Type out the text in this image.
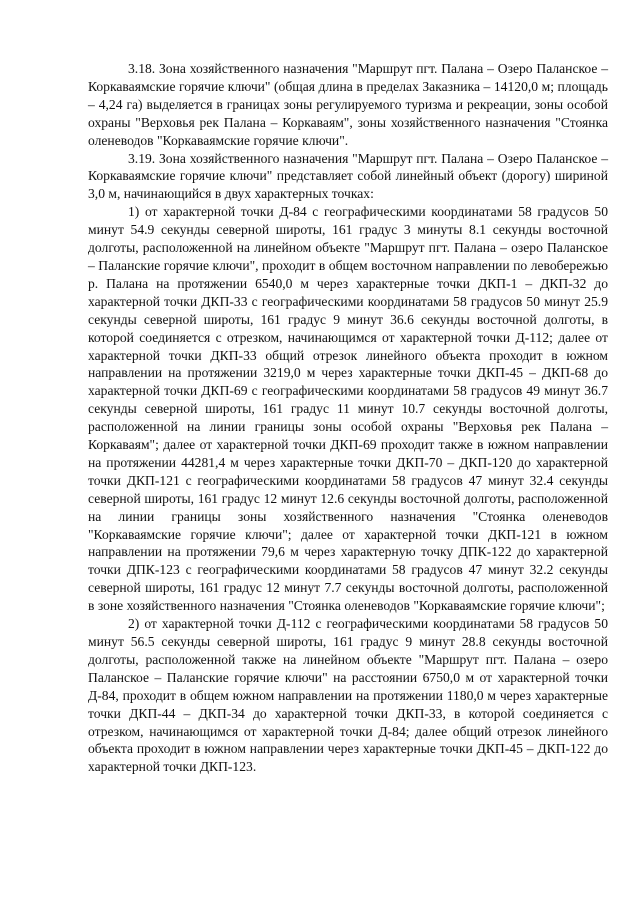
3.18. Зона хозяйственного назначения "Маршрут пгт. Палана – Озеро Паланское – Коркаваямские горячие ключи" (общая длина в пределах Заказника – 14120,0 м; площадь – 4,24 га) выделяется в границах зоны регулируемого туризма и рекреации, зоны особой охраны "Верховья рек Палана – Коркаваям", зоны хозяйственного назначения "Стоянка оленеводов "Коркаваямские горячие ключи".

3.19. Зона хозяйственного назначения "Маршрут пгт. Палана – Озеро Паланское – Коркаваямские горячие ключи" представляет собой линейный объект (дорогу) шириной 3,0 м, начинающийся в двух характерных точках:

1) от характерной точки Д-84 с географическими координатами 58 градусов 50 минут 54.9 секунды северной широты, 161 градус 3 минуты 8.1 секунды восточной долготы, расположенной на линейном объекте "Маршрут пгт. Палана – озеро Паланское – Паланские горячие ключи", проходит в общем восточном направлении по левобережью р. Палана на протяжении 6540,0 м через характерные точки ДКП-1 – ДКП-32 до характерной точки ДКП-33 с географическими координатами 58 градусов 50 минут 25.9 секунды северной широты, 161 градус 9 минут 36.6 секунды восточной долготы, в которой соединяется с отрезком, начинающимся от характерной точки Д-112; далее от характерной точки ДКП-33 общий отрезок линейного объекта проходит в южном направлении на протяжении 3219,0 м через характерные точки ДКП-45 – ДКП-68 до характерной точки ДКП-69 с географическими координатами 58 градусов 49 минут 36.7 секунды северной широты, 161 градус 11 минут 10.7 секунды восточной долготы, расположенной на линии границы зоны особой охраны "Верховья рек Палана – Коркаваям"; далее от характерной точки ДКП-69 проходит также в южном направлении на протяжении 44281,4 м через характерные точки ДКП-70 – ДКП-120 до характерной точки ДКП-121 с географическими координатами 58 градусов 47 минут 32.4 секунды северной широты, 161 градус 12 минут 12.6 секунды восточной долготы, расположенной на линии границы зоны хозяйственного назначения "Стоянка оленеводов "Коркаваямские горячие ключи"; далее от характерной точки ДКП-121 в южном направлении на протяжении 79,6 м через характерную точку ДПК-122 до характерной точки ДПК-123 с географическими координатами 58 градусов 47 минут 32.2 секунды северной широты, 161 градус 12 минут 7.7 секунды восточной долготы, расположенной в зоне хозяйственного назначения "Стоянка оленеводов "Коркаваямские горячие ключи";

2) от характерной точки Д-112 с географическими координатами 58 градусов 50 минут 56.5 секунды северной широты, 161 градус 9 минут 28.8 секунды восточной долготы, расположенной также на линейном объекте "Маршрут пгт. Палана – озеро Паланское – Паланские горячие ключи" на расстоянии 6750,0 м от характерной точки Д-84, проходит в общем южном направлении на протяжении 1180,0 м через характерные точки ДКП-44 – ДКП-34 до характерной точки ДКП-33, в которой соединяется с отрезком, начинающимся от характерной точки Д-84; далее общий отрезок линейного объекта проходит в южном направлении через характерные точки ДКП-45 – ДКП-122 до характерной точки ДКП-123.
